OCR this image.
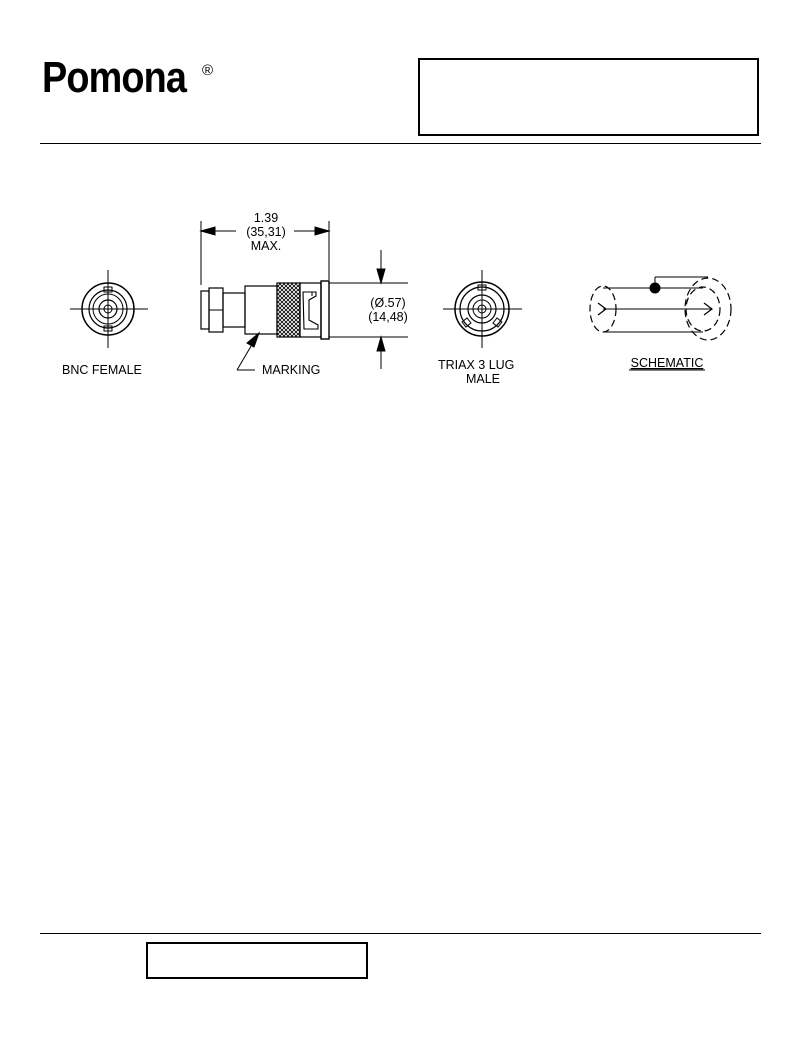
Pomona ®
BNC FEMALE
1.39
(35,31)
MAX.
(Ø.57)
(14,48)
MARKING	TRIAX 3 LUG
MALE
SCHEMATIC
